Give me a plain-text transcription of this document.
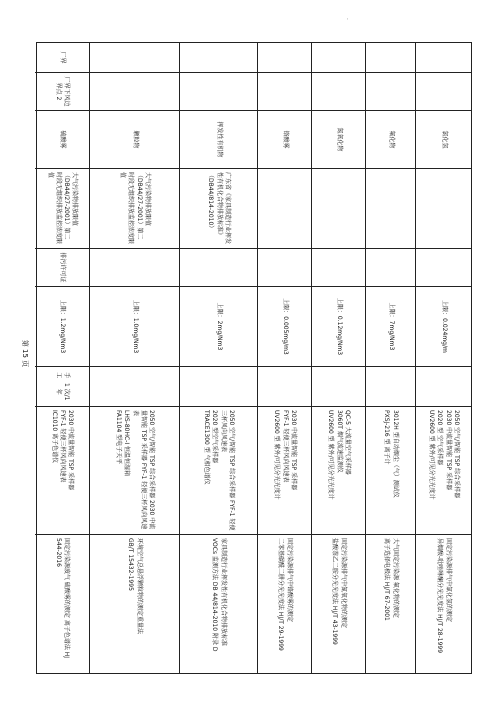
·
氯化氢
上限：0.024mg/m
2050 空气/智能 TSP 综合采样器
2030 中流量智能 TSP 采样器
2020 型 空气采样器
UV2600 型 紫外/可见分光光度计
固定污染源排气中氯化氢的测定
异烟酸-吡唑啉酮分光光度法 HJ/T 28-1999
氟化物
上限：7mg/Nm3
3012H 型自动烟尘（气）测试仪
PXSJ-216 型 离子计
大气固定污染源 氟化物的测定
离子选择电极法 HJ/T 67-2001
氮氧化物
上限：0.12mg/Nm3
QC-5 大流量空气采样器
3060T 烟气流速监测仪
UV2600 型 紫外/可见分光光度计
固定污染源排气中氮氧化物的测定
盐酸萘乙二胺分光光度法 HJ/T 43-1999
铬酸雾
上限：0.005mg/m3
2030 中流量智能 TSP 采样器
FYF-1 轻便三杯风向风速表
UV2600 型 紫外/可见分光光度计
固定污染源排气中铬酸雾的测定
二苯基碳酰二肼分光光度法 HJ/T 29-1999
挥发性有机物
广东省《家具制造行业挥发性有机化合物排放标准》（DB44/814-2010）
上限：2mg/Nm3
2050 空气/智能 TSP 综合采样器 FYF-1 轻便三杯风向风速表
2020 型空气采样器
TRACE1300 型 气相色谱仪
家具制造行业挥发性有机化合物排放标准
VOCs 监测方法 DB 44/814-2010 附录 D
颗粒物
大气污染物排放限值（DB44/27-2001）第二时段无组织排放监控浓度限值
上限：1.0mg/Nm3
2050 空气/智能 TSP 综合采样器 2030 中流量智能 TSP 采样器 FYF-1 轻便三杯风向风速表
LHS-80HC-I 恒温恒湿箱
FA1104 型电子天平
环境空气总悬浮颗粒物的测定重量法
GB/T 15432-1995
厂界
厂界下风边界点 2
硫酸雾
大气污染物排放限值（DB44/27-2001）第二时段无组织排放监控浓度限值
排污许可证
上限：1.2mg/Nm3
手工
1 次/1 年
2030 中流量智能 TSP 采样器
FYF-1 轻便三杯风向风速表
IC1010 离子色谱仪
固定污染源废气 硫酸雾的测定 离子色谱法 HJ 544-2016
第 15 页
